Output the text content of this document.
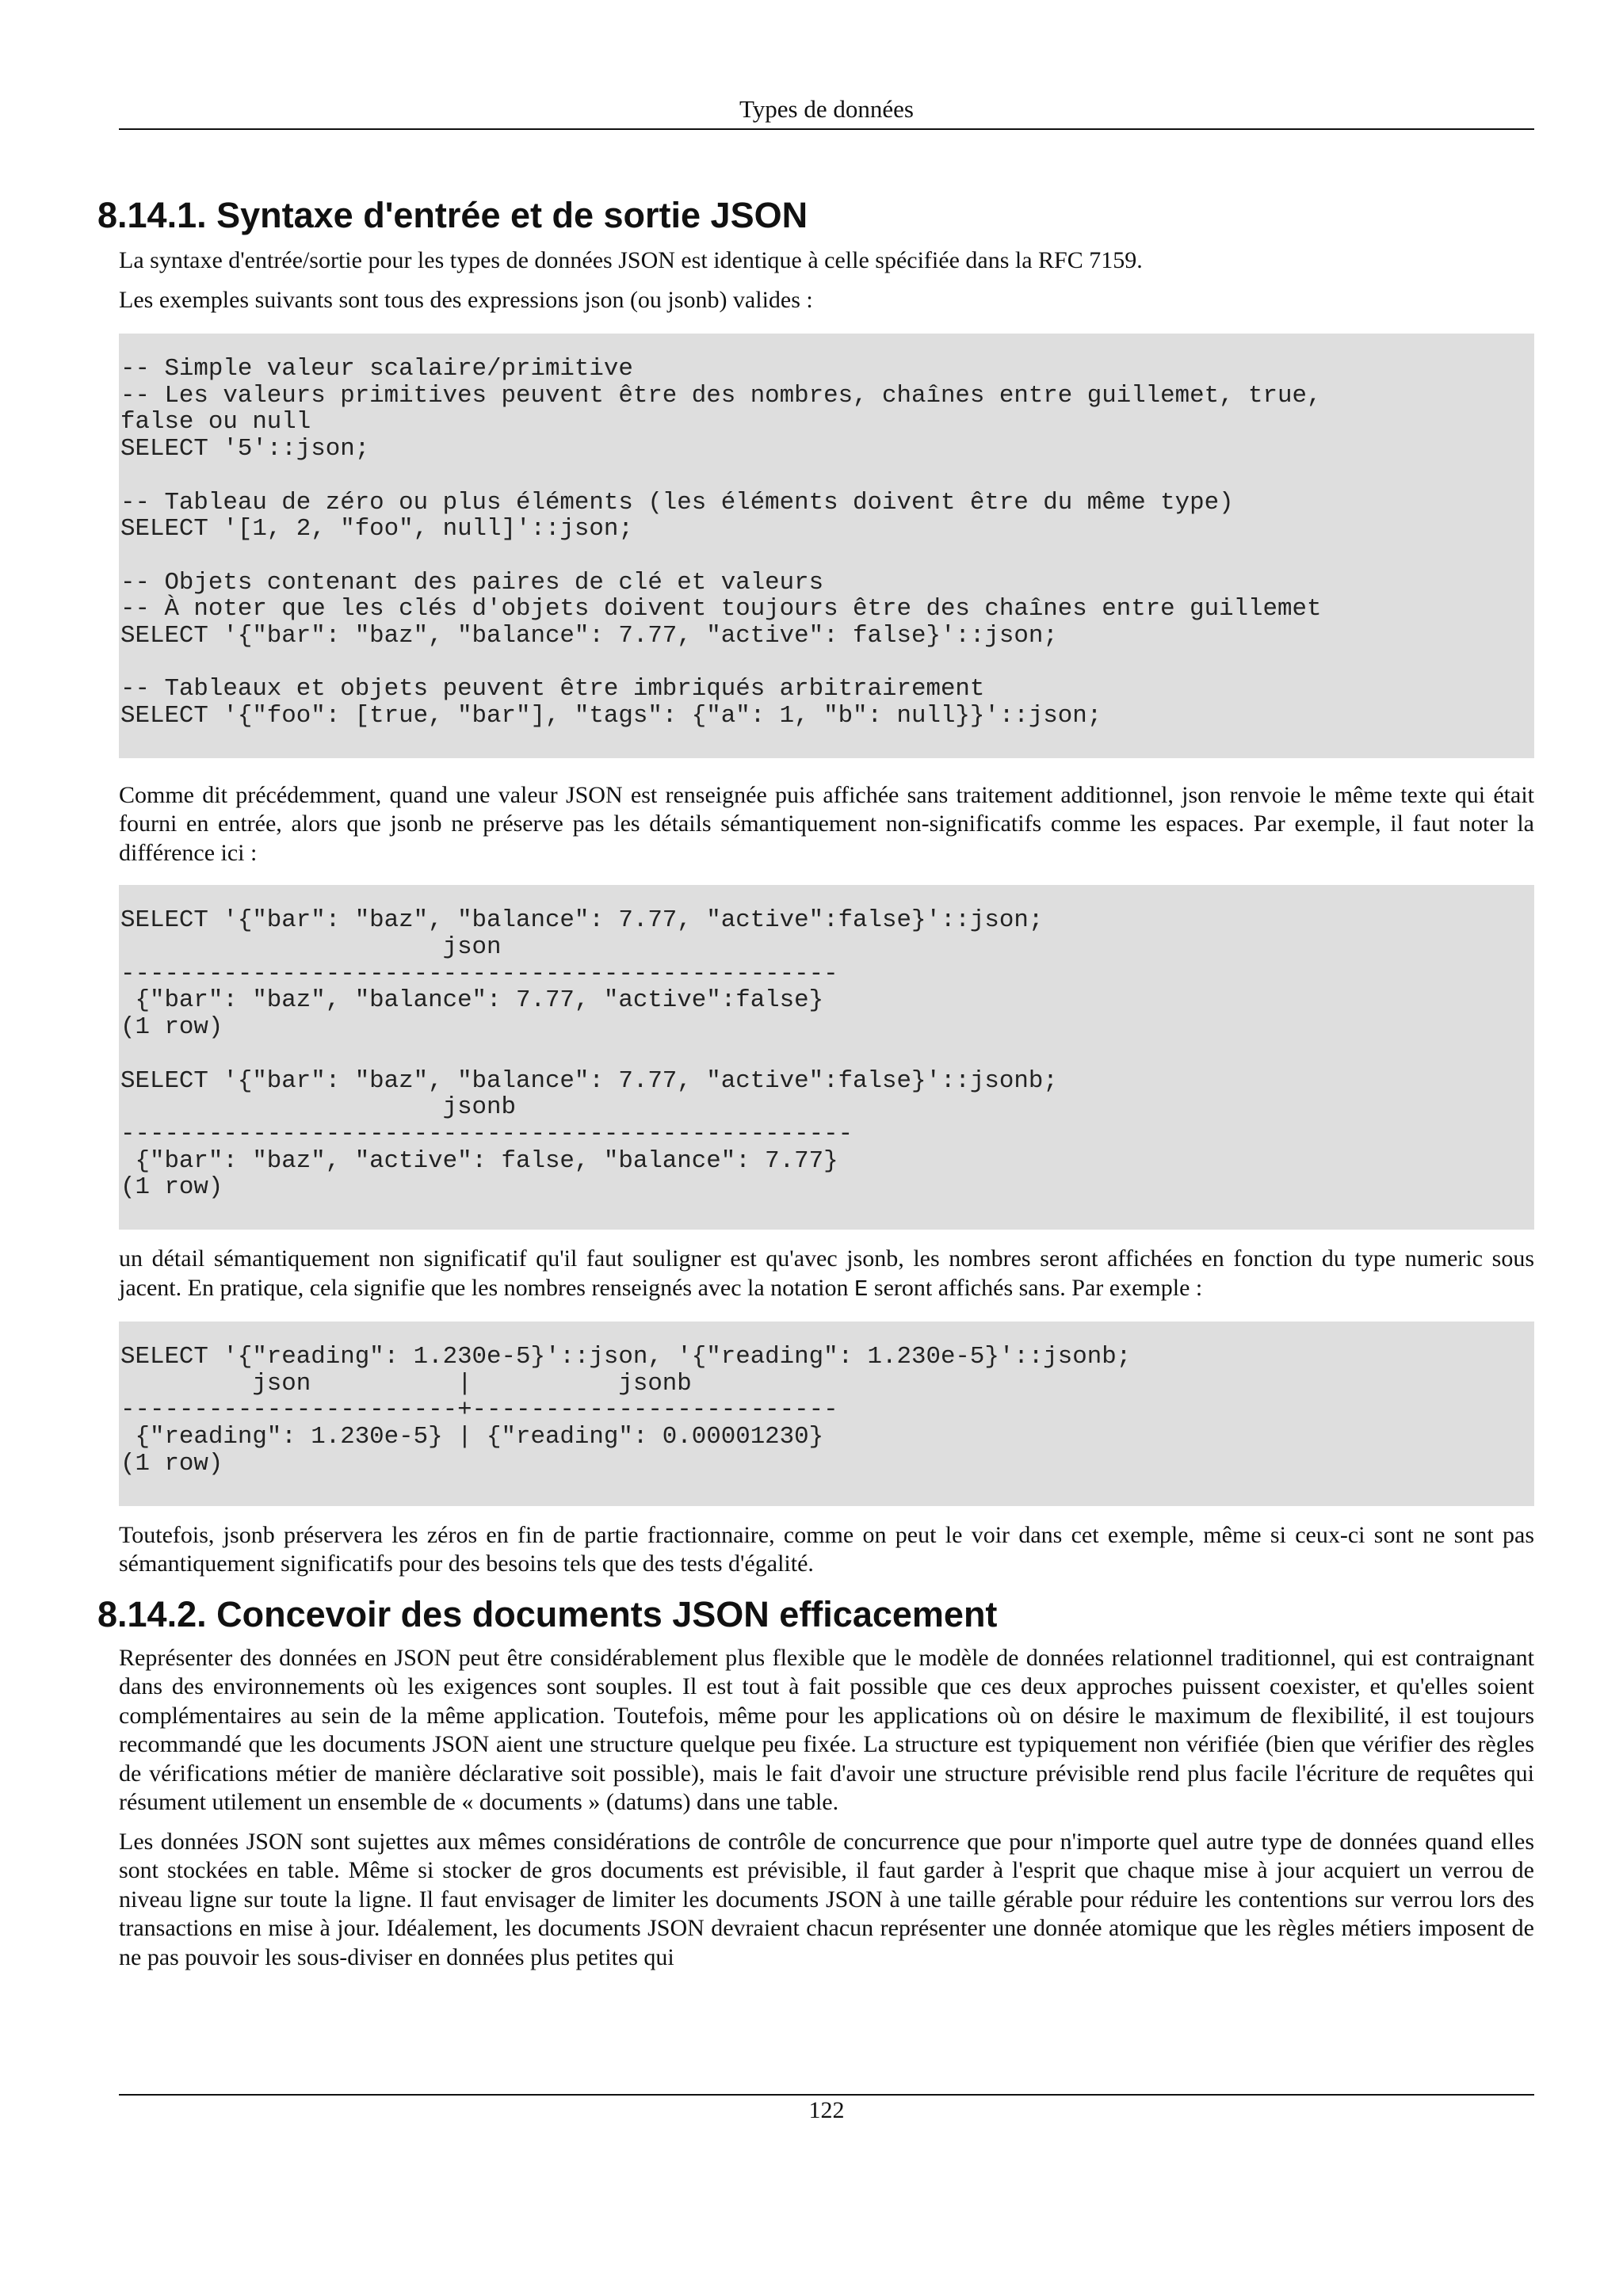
Types de données
8.14.1. Syntaxe d'entrée et de sortie JSON

La syntaxe d'entrée/sortie pour les types de données JSON est identique à celle spécifiée dans la RFC 7159.

Les exemples suivants sont tous des expressions json (ou jsonb) valides :

-- Simple valeur scalaire/primitive
-- Les valeurs primitives peuvent être des nombres, chaînes entre guillemet, true,
false ou null
SELECT '5'::json;

-- Tableau de zéro ou plus éléments (les éléments doivent être du même type)
SELECT '[1, 2, "foo", null]'::json;

-- Objets contenant des paires de clé et valeurs
-- À noter que les clés d'objets doivent toujours être des chaînes entre guillemet
SELECT '{"bar": "baz", "balance": 7.77, "active": false}'::json;

-- Tableaux et objets peuvent être imbriqués arbitrairement
SELECT '{"foo": [true, "bar"], "tags": {"a": 1, "b": null}}'::json;

Comme dit précédemment, quand une valeur JSON est renseignée puis affichée sans traitement additionnel, json renvoie le même texte qui était fourni en entrée, alors que jsonb ne préserve pas les détails sémantiquement non-significatifs comme les espaces. Par exemple, il faut noter la différence ici :

SELECT '{"bar": "baz", "balance": 7.77, "active":false}'::json;
json
-------------------------------------------------
{"bar": "baz", "balance": 7.77, "active":false}
(1 row)

SELECT '{"bar": "baz", "balance": 7.77, "active":false}'::jsonb;
jsonb
--------------------------------------------------
{"bar": "baz", "active": false, "balance": 7.77}
(1 row)

un détail sémantiquement non significatif qu'il faut souligner est qu'avec jsonb, les nombres seront affichées en fonction du type numeric sous jacent. En pratique, cela signifie que les nombres renseignés avec la notation E seront affichés sans. Par exemple :

SELECT '{"reading": 1.230e-5}'::json, '{"reading": 1.230e-5}'::jsonb;
json          |          jsonb
-----------------------+-------------------------
{"reading": 1.230e-5} | {"reading": 0.00001230}
(1 row)

Toutefois, jsonb préservera les zéros en fin de partie fractionnaire, comme on peut le voir dans cet exemple, même si ceux-ci sont ne sont pas sémantiquement significatifs pour des besoins tels que des tests d'égalité.

8.14.2. Concevoir des documents JSON efficacement

Représenter des données en JSON peut être considérablement plus flexible que le modèle de données relationnel traditionnel, qui est contraignant dans des environnements où les exigences sont souples. Il est tout à fait possible que ces deux approches puissent coexister, et qu'elles soient complémentaires au sein de la même application. Toutefois, même pour les applications où on désire le maximum de flexibilité, il est toujours recommandé que les documents JSON aient une structure quelque peu fixée. La structure est typiquement non vérifiée (bien que vérifier des règles de vérifications métier de manière déclarative soit possible), mais le fait d'avoir une structure prévisible rend plus facile l'écriture de requêtes qui résument utilement un ensemble de « documents » (datums) dans une table.

Les données JSON sont sujettes aux mêmes considérations de contrôle de concurrence que pour n'importe quel autre type de données quand elles sont stockées en table. Même si stocker de gros documents est prévisible, il faut garder à l'esprit que chaque mise à jour acquiert un verrou de niveau ligne sur toute la ligne. Il faut envisager de limiter les documents JSON à une taille gérable pour réduire les contentions sur verrou lors des transactions en mise à jour. Idéalement, les documents JSON devraient chacun représenter une donnée atomique que les règles métiers imposent de ne pas pouvoir les sous-diviser en données plus petites qui

122
